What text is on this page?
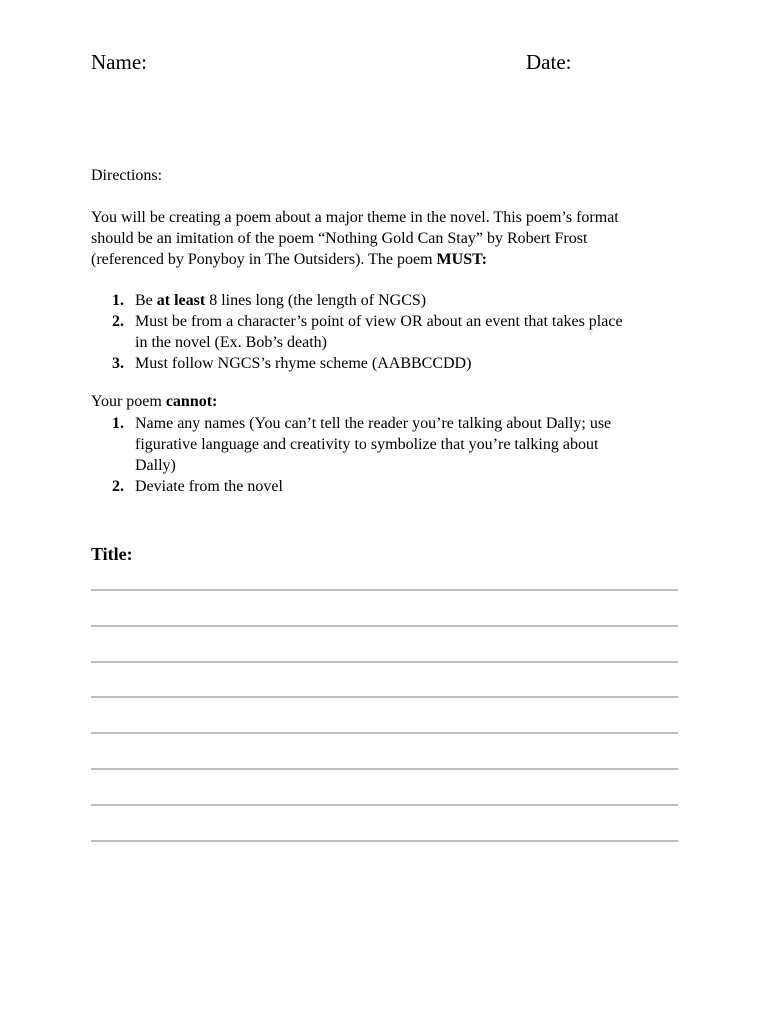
Name:	Date:
Directions:
You will be creating a poem about a major theme in the novel. This poem’s format
should be an imitation of the poem “Nothing Gold Can Stay” by Robert Frost
(referenced by Ponyboy in The Outsiders). The poem MUST:
1. Be at least 8 lines long (the length of NGCS)
2. Must be from a character’s point of view OR about an event that takes place
in the novel (Ex. Bob’s death)
3. Must follow NGCS’s rhyme scheme (AABBCCDD)
Your poem cannot:
1. Name any names (You can’t tell the reader you’re talking about Dally; use
figurative language and creativity to symbolize that you’re talking about
Dally)
2. Deviate from the novel
Title:
